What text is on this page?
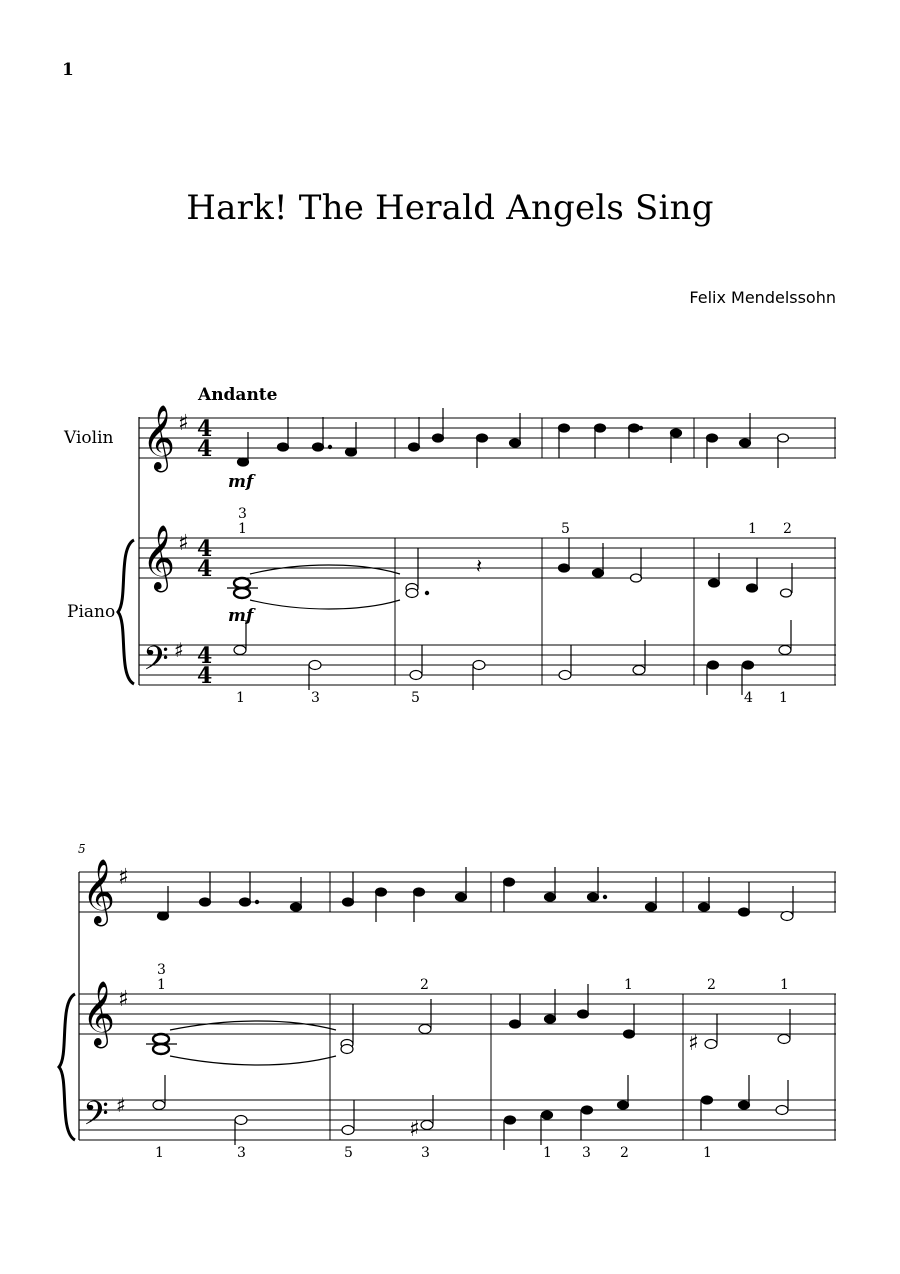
1
Hark! The Herald Angels Sing
Felix Mendelssohn
Andante
Violin
Piano
𝄞 ♯ 4
4
mf
𝄞 ♯ 4
4
mf
3
1	5	1 2
𝄽
𝄢 ♯ 4
4
1	3	5	4 1
5
𝄞 ♯
𝄞 ♯
3
1	2	1	2	1
♯
𝄢 ♯
♯
1	3	5	3	1 3 2	1
